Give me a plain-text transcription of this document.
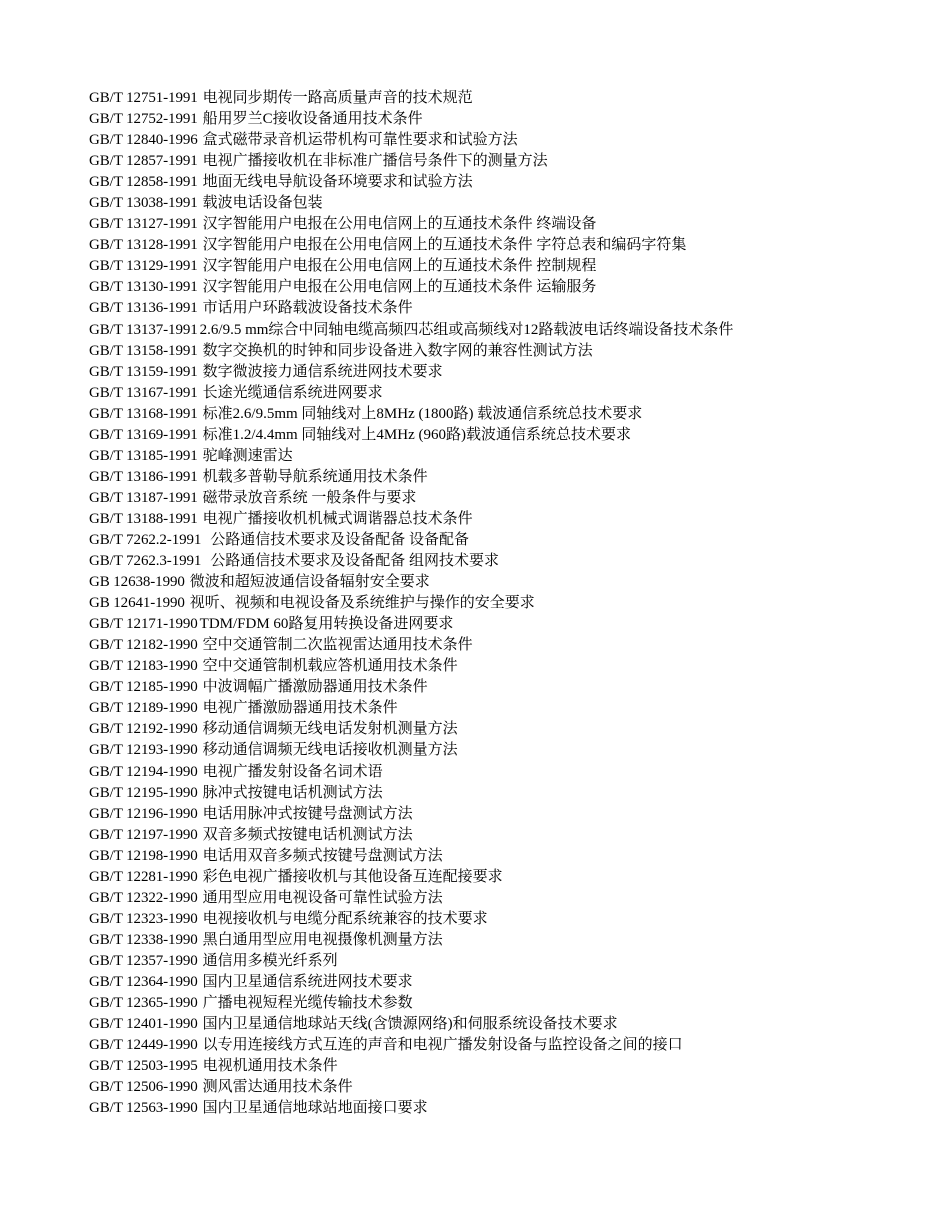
GB/T 12751-1991 电视同步期传一路高质量声音的技术规范
GB/T 12752-1991 船用罗兰C接收设备通用技术条件
GB/T 12840-1996 盒式磁带录音机运带机构可靠性要求和试验方法
GB/T 12857-1991 电视广播接收机在非标准广播信号条件下的测量方法
GB/T 12858-1991 地面无线电导航设备环境要求和试验方法
GB/T 13038-1991 载波电话设备包装
GB/T 13127-1991 汉字智能用户电报在公用电信网上的互通技术条件 终端设备
GB/T 13128-1991 汉字智能用户电报在公用电信网上的互通技术条件 字符总表和编码字符集
GB/T 13129-1991 汉字智能用户电报在公用电信网上的互通技术条件 控制规程
GB/T 13130-1991 汉字智能用户电报在公用电信网上的互通技术条件 运输服务
GB/T 13136-1991 市话用户环路载波设备技术条件
GB/T 13137-1991 2.6/9.5 mm综合中同轴电缆高频四芯组或高频线对12路载波电话终端设备技术条件
GB/T 13158-1991 数字交换机的时钟和同步设备进入数字网的兼容性测试方法
GB/T 13159-1991 数字微波接力通信系统进网技术要求
GB/T 13167-1991 长途光缆通信系统进网要求
GB/T 13168-1991 标准2.6/9.5mm 同轴线对上8MHz (1800路) 载波通信系统总技术要求
GB/T 13169-1991 标准1.2/4.4mm 同轴线对上4MHz (960路)载波通信系统总技术要求
GB/T 13185-1991 驼峰测速雷达
GB/T 13186-1991 机载多普勒导航系统通用技术条件
GB/T 13187-1991 磁带录放音系统 一般条件与要求
GB/T 13188-1991 电视广播接收机机械式调谐器总技术条件
GB/T 7262.2-1991 公路通信技术要求及设备配备 设备配备
GB/T 7262.3-1991 公路通信技术要求及设备配备 组网技术要求
GB 12638-1990 微波和超短波通信设备辐射安全要求
GB 12641-1990 视听、视频和电视设备及系统维护与操作的安全要求
GB/T 12171-1990 TDM/FDM 60路复用转换设备进网要求
GB/T 12182-1990 空中交通管制二次监视雷达通用技术条件
GB/T 12183-1990 空中交通管制机载应答机通用技术条件
GB/T 12185-1990 中波调幅广播激励器通用技术条件
GB/T 12189-1990 电视广播激励器通用技术条件
GB/T 12192-1990 移动通信调频无线电话发射机测量方法
GB/T 12193-1990 移动通信调频无线电话接收机测量方法
GB/T 12194-1990 电视广播发射设备名词术语
GB/T 12195-1990 脉冲式按键电话机测试方法
GB/T 12196-1990 电话用脉冲式按键号盘测试方法
GB/T 12197-1990 双音多频式按键电话机测试方法
GB/T 12198-1990 电话用双音多频式按键号盘测试方法
GB/T 12281-1990 彩色电视广播接收机与其他设备互连配接要求
GB/T 12322-1990 通用型应用电视设备可靠性试验方法
GB/T 12323-1990 电视接收机与电缆分配系统兼容的技术要求
GB/T 12338-1990 黑白通用型应用电视摄像机测量方法
GB/T 12357-1990 通信用多模光纤系列
GB/T 12364-1990 国内卫星通信系统进网技术要求
GB/T 12365-1990 广播电视短程光缆传输技术参数
GB/T 12401-1990 国内卫星通信地球站天线(含馈源网络)和伺服系统设备技术要求
GB/T 12449-1990 以专用连接线方式互连的声音和电视广播发射设备与监控设备之间的接口
GB/T 12503-1995 电视机通用技术条件
GB/T 12506-1990 测风雷达通用技术条件
GB/T 12563-1990 国内卫星通信地球站地面接口要求
